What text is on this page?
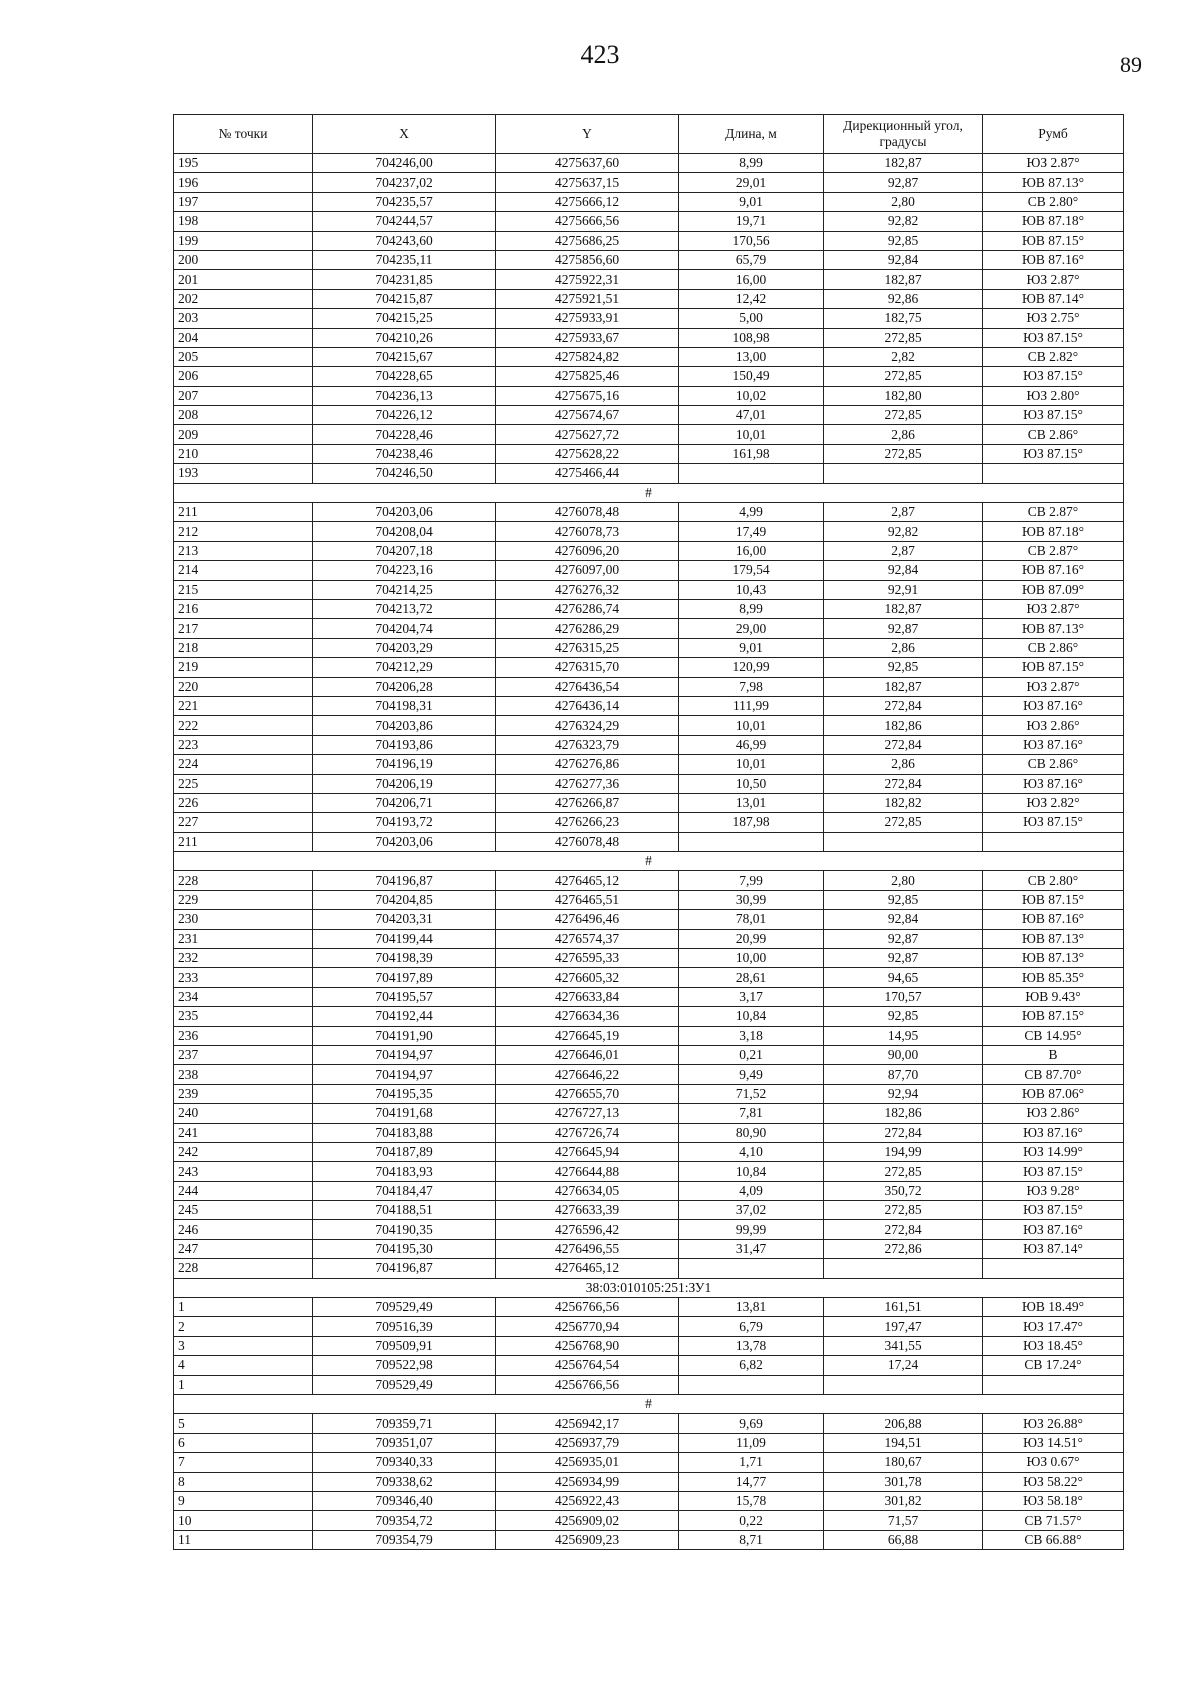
423	89
№ точки	X	Y	Длина, м	Дирекционный угол, градусы	Румб
195	704246,00	4275637,60	8,99	182,87	ЮЗ 2.87°
196	704237,02	4275637,15	29,01	92,87	ЮВ 87.13°
197	704235,57	4275666,12	9,01	2,80	СВ 2.80°
198	704244,57	4275666,56	19,71	92,82	ЮВ 87.18°
199	704243,60	4275686,25	170,56	92,85	ЮВ 87.15°
200	704235,11	4275856,60	65,79	92,84	ЮВ 87.16°
201	704231,85	4275922,31	16,00	182,87	ЮЗ 2.87°
202	704215,87	4275921,51	12,42	92,86	ЮВ 87.14°
203	704215,25	4275933,91	5,00	182,75	ЮЗ 2.75°
204	704210,26	4275933,67	108,98	272,85	ЮЗ 87.15°
205	704215,67	4275824,82	13,00	2,82	СВ 2.82°
206	704228,65	4275825,46	150,49	272,85	ЮЗ 87.15°
207	704236,13	4275675,16	10,02	182,80	ЮЗ 2.80°
208	704226,12	4275674,67	47,01	272,85	ЮЗ 87.15°
209	704228,46	4275627,72	10,01	2,86	СВ 2.86°
210	704238,46	4275628,22	161,98	272,85	ЮЗ 87.15°
193	704246,50	4275466,44			
#					
211	704203,06	4276078,48	4,99	2,87	СВ 2.87°
212	704208,04	4276078,73	17,49	92,82	ЮВ 87.18°
213	704207,18	4276096,20	16,00	2,87	СВ 2.87°
214	704223,16	4276097,00	179,54	92,84	ЮВ 87.16°
215	704214,25	4276276,32	10,43	92,91	ЮВ 87.09°
216	704213,72	4276286,74	8,99	182,87	ЮЗ 2.87°
217	704204,74	4276286,29	29,00	92,87	ЮВ 87.13°
218	704203,29	4276315,25	9,01	2,86	СВ 2.86°
219	704212,29	4276315,70	120,99	92,85	ЮВ 87.15°
220	704206,28	4276436,54	7,98	182,87	ЮЗ 2.87°
221	704198,31	4276436,14	111,99	272,84	ЮЗ 87.16°
222	704203,86	4276324,29	10,01	182,86	ЮЗ 2.86°
223	704193,86	4276323,79	46,99	272,84	ЮЗ 87.16°
224	704196,19	4276276,86	10,01	2,86	СВ 2.86°
225	704206,19	4276277,36	10,50	272,84	ЮЗ 87.16°
226	704206,71	4276266,87	13,01	182,82	ЮЗ 2.82°
227	704193,72	4276266,23	187,98	272,85	ЮЗ 87.15°
211	704203,06	4276078,48			
#					
228	704196,87	4276465,12	7,99	2,80	СВ 2.80°
229	704204,85	4276465,51	30,99	92,85	ЮВ 87.15°
230	704203,31	4276496,46	78,01	92,84	ЮВ 87.16°
231	704199,44	4276574,37	20,99	92,87	ЮВ 87.13°
232	704198,39	4276595,33	10,00	92,87	ЮВ 87.13°
233	704197,89	4276605,32	28,61	94,65	ЮВ 85.35°
234	704195,57	4276633,84	3,17	170,57	ЮВ 9.43°
235	704192,44	4276634,36	10,84	92,85	ЮВ 87.15°
236	704191,90	4276645,19	3,18	14,95	СВ 14.95°
237	704194,97	4276646,01	0,21	90,00	В
238	704194,97	4276646,22	9,49	87,70	СВ 87.70°
239	704195,35	4276655,70	71,52	92,94	ЮВ 87.06°
240	704191,68	4276727,13	7,81	182,86	ЮЗ 2.86°
241	704183,88	4276726,74	80,90	272,84	ЮЗ 87.16°
242	704187,89	4276645,94	4,10	194,99	ЮЗ 14.99°
243	704183,93	4276644,88	10,84	272,85	ЮЗ 87.15°
244	704184,47	4276634,05	4,09	350,72	ЮЗ 9.28°
245	704188,51	4276633,39	37,02	272,85	ЮЗ 87.15°
246	704190,35	4276596,42	99,99	272,84	ЮЗ 87.16°
247	704195,30	4276496,55	31,47	272,86	ЮЗ 87.14°
228	704196,87	4276465,12			
38:03:010105:251:ЗУ1					
1	709529,49	4256766,56	13,81	161,51	ЮВ 18.49°
2	709516,39	4256770,94	6,79	197,47	ЮЗ 17.47°
3	709509,91	4256768,90	13,78	341,55	ЮЗ 18.45°
4	709522,98	4256764,54	6,82	17,24	СВ 17.24°
1	709529,49	4256766,56			
#					
5	709359,71	4256942,17	9,69	206,88	ЮЗ 26.88°
6	709351,07	4256937,79	11,09	194,51	ЮЗ 14.51°
7	709340,33	4256935,01	1,71	180,67	ЮЗ 0.67°
8	709338,62	4256934,99	14,77	301,78	ЮЗ 58.22°
9	709346,40	4256922,43	15,78	301,82	ЮЗ 58.18°
10	709354,72	4256909,02	0,22	71,57	СВ 71.57°
11	709354,79	4256909,23	8,71	66,88	СВ 66.88°
